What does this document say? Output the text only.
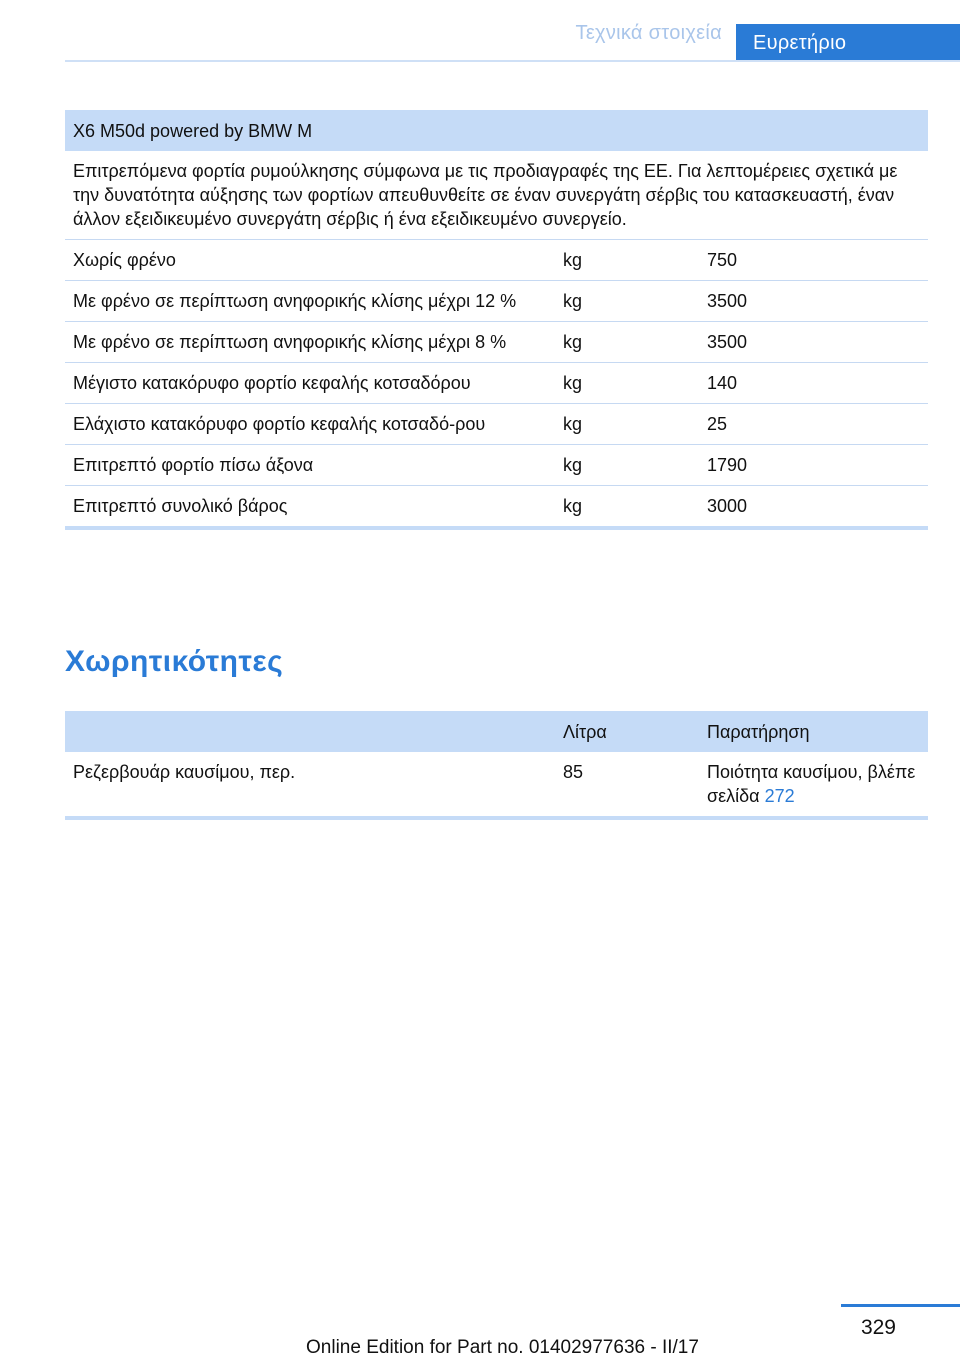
Τεχνικά στοιχεία	Ευρετήριο
X6 M50d powered by BMW M		
Επιτρεπόμενα φορτία ρυμούλκησης σύμφωνα με τις προδιαγραφές της ΕΕ. Για λεπτομέρειες σχετικά με την δυνατότητα αύξησης των φορτίων απευθυνθείτε σε έναν συνεργάτη σέρβις του κατασκευαστή, έναν άλλον εξειδικευμένο συνεργάτη σέρβις ή ένα εξειδικευμένο συνεργείο.		
Χωρίς φρένο	kg	750
Με φρένο σε περίπτωση ανηφορικής κλίσης μέχρι 12 %	kg	3500
Με φρένο σε περίπτωση ανηφορικής κλίσης μέχρι 8 %	kg	3500
Μέγιστο κατακόρυφο φορτίο κεφαλής κοτσαδόρου	kg	140
Ελάχιστο κατακόρυφο φορτίο κεφαλής κοτσαδό-ρου	kg	25
Επιτρεπτό φορτίο πίσω άξονα	kg	1790
Επιτρεπτό συνολικό βάρος	kg	3000
Χωρητικότητες
	Λίτρα	Παρατήρηση
Ρεζερβουάρ καυσίμου, περ.	85	Ποιότητα καυσίμου, βλέπε σελίδα 272
329
Online Edition for Part no. 01402977636 - II/17
